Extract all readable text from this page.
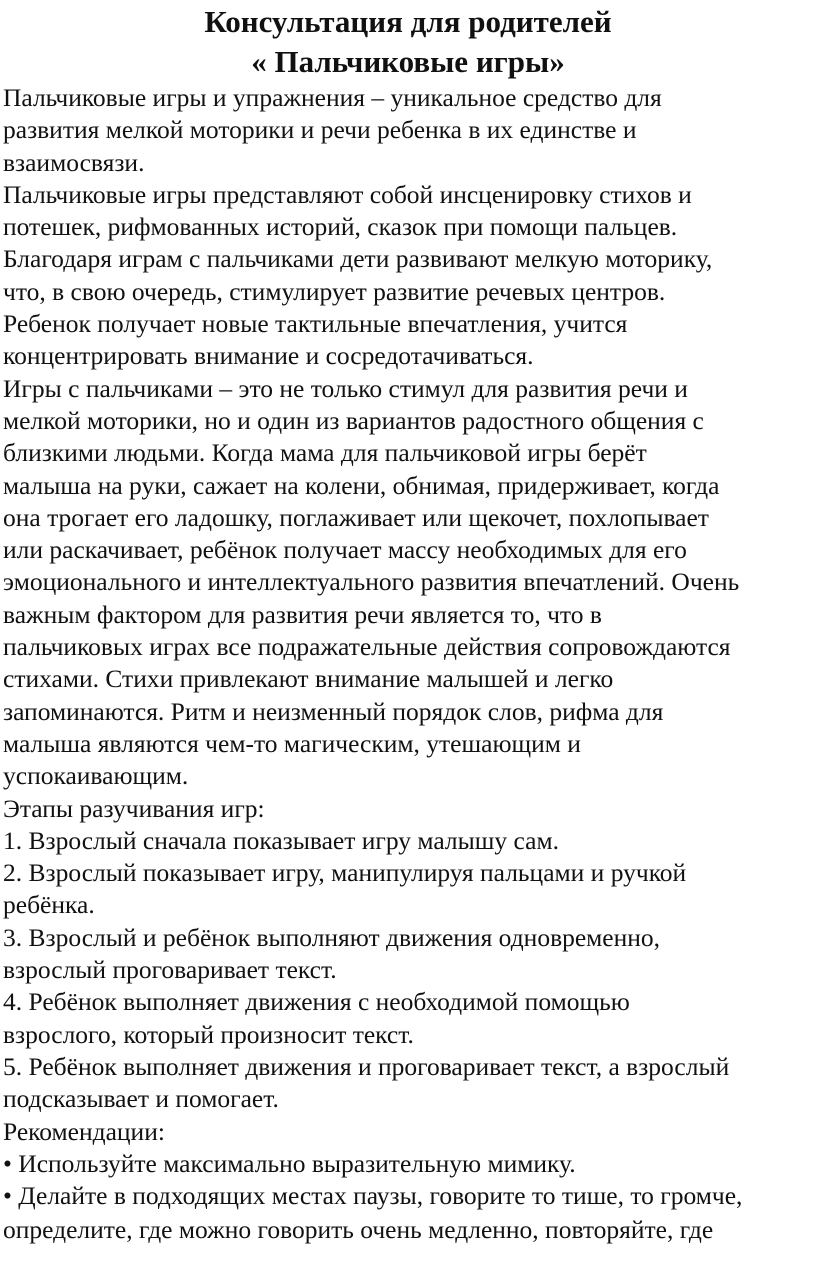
Консультация для родителей
« Пальчиковые игры»
Пальчиковые игры и упражнения – уникальное средство для
развития мелкой моторики и речи ребенка в их единстве и
взаимосвязи.
Пальчиковые игры представляют собой инсценировку стихов и
потешек, рифмованных историй, сказок при помощи пальцев.
Благодаря играм с пальчиками дети развивают мелкую моторику,
что, в свою очередь, стимулирует развитие речевых центров.
Ребенок получает новые тактильные впечатления, учится
концентрировать внимание и сосредотачиваться.
Игры с пальчиками – это не только стимул для развития речи и
мелкой моторики, но и один из вариантов радостного общения с
близкими людьми. Когда мама для пальчиковой игры берёт
малыша на руки, сажает на колени, обнимая, придерживает, когда
она трогает его ладошку, поглаживает или щекочет, похлопывает
или раскачивает, ребёнок получает массу необходимых для его
эмоционального и интеллектуального развития впечатлений. Очень
важным фактором для развития речи является то, что в
пальчиковых играх все подражательные действия сопровождаются
стихами. Стихи привлекают внимание малышей и легко
запоминаются. Ритм и неизменный порядок слов, рифма для
малыша являются чем-то магическим, утешающим и
успокаивающим.
Этапы разучивания игр:
1. Взрослый сначала показывает игру малышу сам.
2. Взрослый показывает игру, манипулируя пальцами и ручкой
ребёнка.
3. Взрослый и ребёнок выполняют движения одновременно,
взрослый проговаривает текст.
4. Ребёнок выполняет движения с необходимой помощью
взрослого, который произносит текст.
5. Ребёнок выполняет движения и проговаривает текст, а взрослый
подсказывает и помогает.
Рекомендации:
• Используйте максимально выразительную мимику.
• Делайте в подходящих местах паузы, говорите то тише, то громче,
определите, где можно говорить очень медленно, повторяйте, где
